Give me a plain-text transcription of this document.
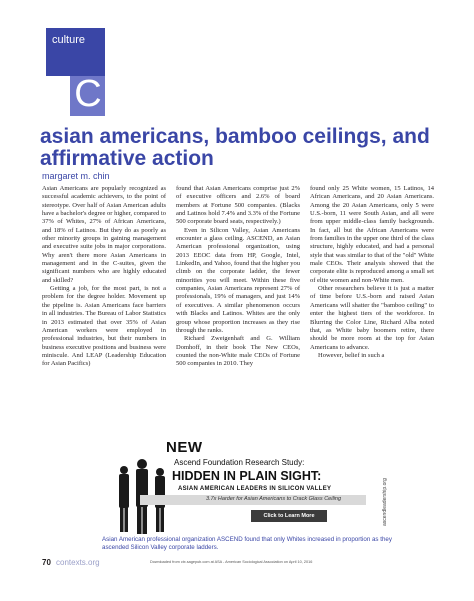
culture
C
asian americans, bamboo ceilings, and
affirmative action
margaret m. chin

Asian Americans are popularly recognized as successful academic achievers, to the point of stereotype. Over half of Asian American adults have a bachelor's degree or higher, compared to 37% of Whites, 27% of African Americans, and 18% of Latinos. But they do as poorly as other minority groups in gaining management and executive suite jobs in major corporations. Why aren't there more Asian Americans in management and in the C-suites, given the significant numbers who are highly educated and skilled?

Getting a job, for the most part, is not a problem for the degree holder. Movement up the pipeline is. Asian Americans face barriers in all industries. The Bureau of Labor Statistics in 2013 estimated that over 35% of Asian American workers were employed in professional industries, but their numbers in business executive positions and business were miniscule. And LEAP (Leadership Education for Asian Pacifics)

found that Asian Americans comprise just 2% of executive officers and 2.6% of board members at Fortune 500 companies. (Blacks and Latinos hold 7.4% and 3.3% of the Fortune 500 corporate board seats, respectively.)

Even in Silicon Valley, Asian Americans encounter a glass ceiling. ASCEND, an Asian American professional organization, using 2013 EEOC data from HP, Google, Intel, LinkedIn, and Yahoo, found that the higher you climb on the corporate ladder, the fewer minorities you will meet. Within these five companies, Asian Americans represent 27% of professionals, 19% of managers, and just 14% of executives. A similar phenomenon occurs with Blacks and Latinos. Whites are the only group whose proportion increases as they rise through the ranks.

Richard Zweigenhaft and G. William Domhoff, in their book The New CEOs, counted the non-White male CEOs of Fortune 500 companies in 2010. They

found only 25 White women, 15 Latinos, 14 African Americans, and 20 Asian Americans. Among the 20 Asian Americans, only 5 were U.S.-born, 11 were South Asian, and all were from upper middle-class family backgrounds. In fact, all but the African Americans were from families in the upper one third of the class structure, highly educated, and had a personal style that was similar to that of the "old" White male CEOs. Their analysis showed that the corporate elite is reproduced among a small set of elite women and non-White men.

Other researchers believe it is just a matter of time before U.S.-born and raised Asian Americans will shatter the "bamboo ceiling" to enter the highest tiers of the workforce. In Blurring the Color Line, Richard Alba noted that, as White baby boomers retire, there should be more room at the top for Asian Americans to advance.

However, belief in such a

NEW
Ascend Foundation Research Study:
HIDDEN IN PLAIN SIGHT:
ASIAN AMERICAN LEADERS IN SILICON VALLEY
3.7x Harder for Asian Americans to Crack Glass Ceiling
Click to Learn More	ascendleadership.org
Asian American professional organization ASCEND found that only Whites increased in proportion as they ascended Silicon Valley corporate ladders.
70 contexts.org	Downloaded from ctx.sagepub.com at ASA - American Sociological Association on April 10, 2016
